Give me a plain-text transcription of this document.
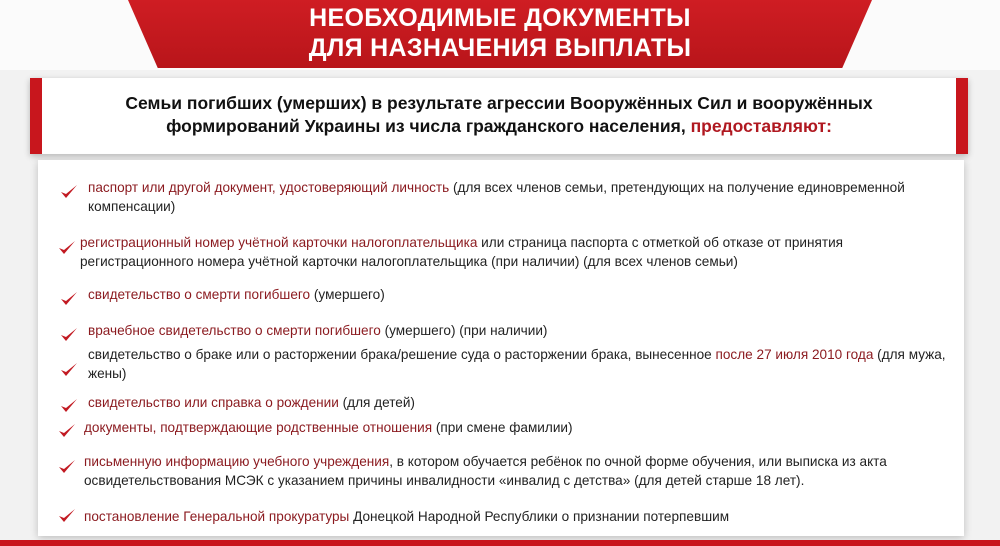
НЕОБХОДИМЫЕ ДОКУМЕНТЫ
ДЛЯ НАЗНАЧЕНИЯ ВЫПЛАТЫ
Семьи погибших (умерших) в результате агрессии Вооружённых Сил и вооружённых
формирований Украины из числа гражданского населения, предоставляют:
паспорт или другой документ, удостоверяющий личность (для всех членов семьи, претендующих на получение единовременной компенсации)
регистрационный номер учётной карточки налогоплательщика или страница паспорта с отметкой об отказе от принятия регистрационного номера учётной карточки налогоплательщика (при наличии) (для всех членов семьи)
свидетельство о смерти погибшего (умершего)
врачебное свидетельство о смерти погибшего (умершего) (при наличии)
свидетельство о браке или о расторжении брака/решение суда о расторжении брака, вынесенное после 27 июля 2010 года (для мужа, жены)
свидетельство или справка о рождении (для детей)
документы, подтверждающие родственные отношения (при смене фамилии)
письменную информацию учебного учреждения, в котором обучается ребёнок по очной форме обучения, или выписка из акта освидетельствования МСЭК с указанием причины инвалидности «инвалид с детства» (для детей старше 18 лет).
постановление Генеральной прокуратуры Донецкой Народной Республики о признании потерпевшим
